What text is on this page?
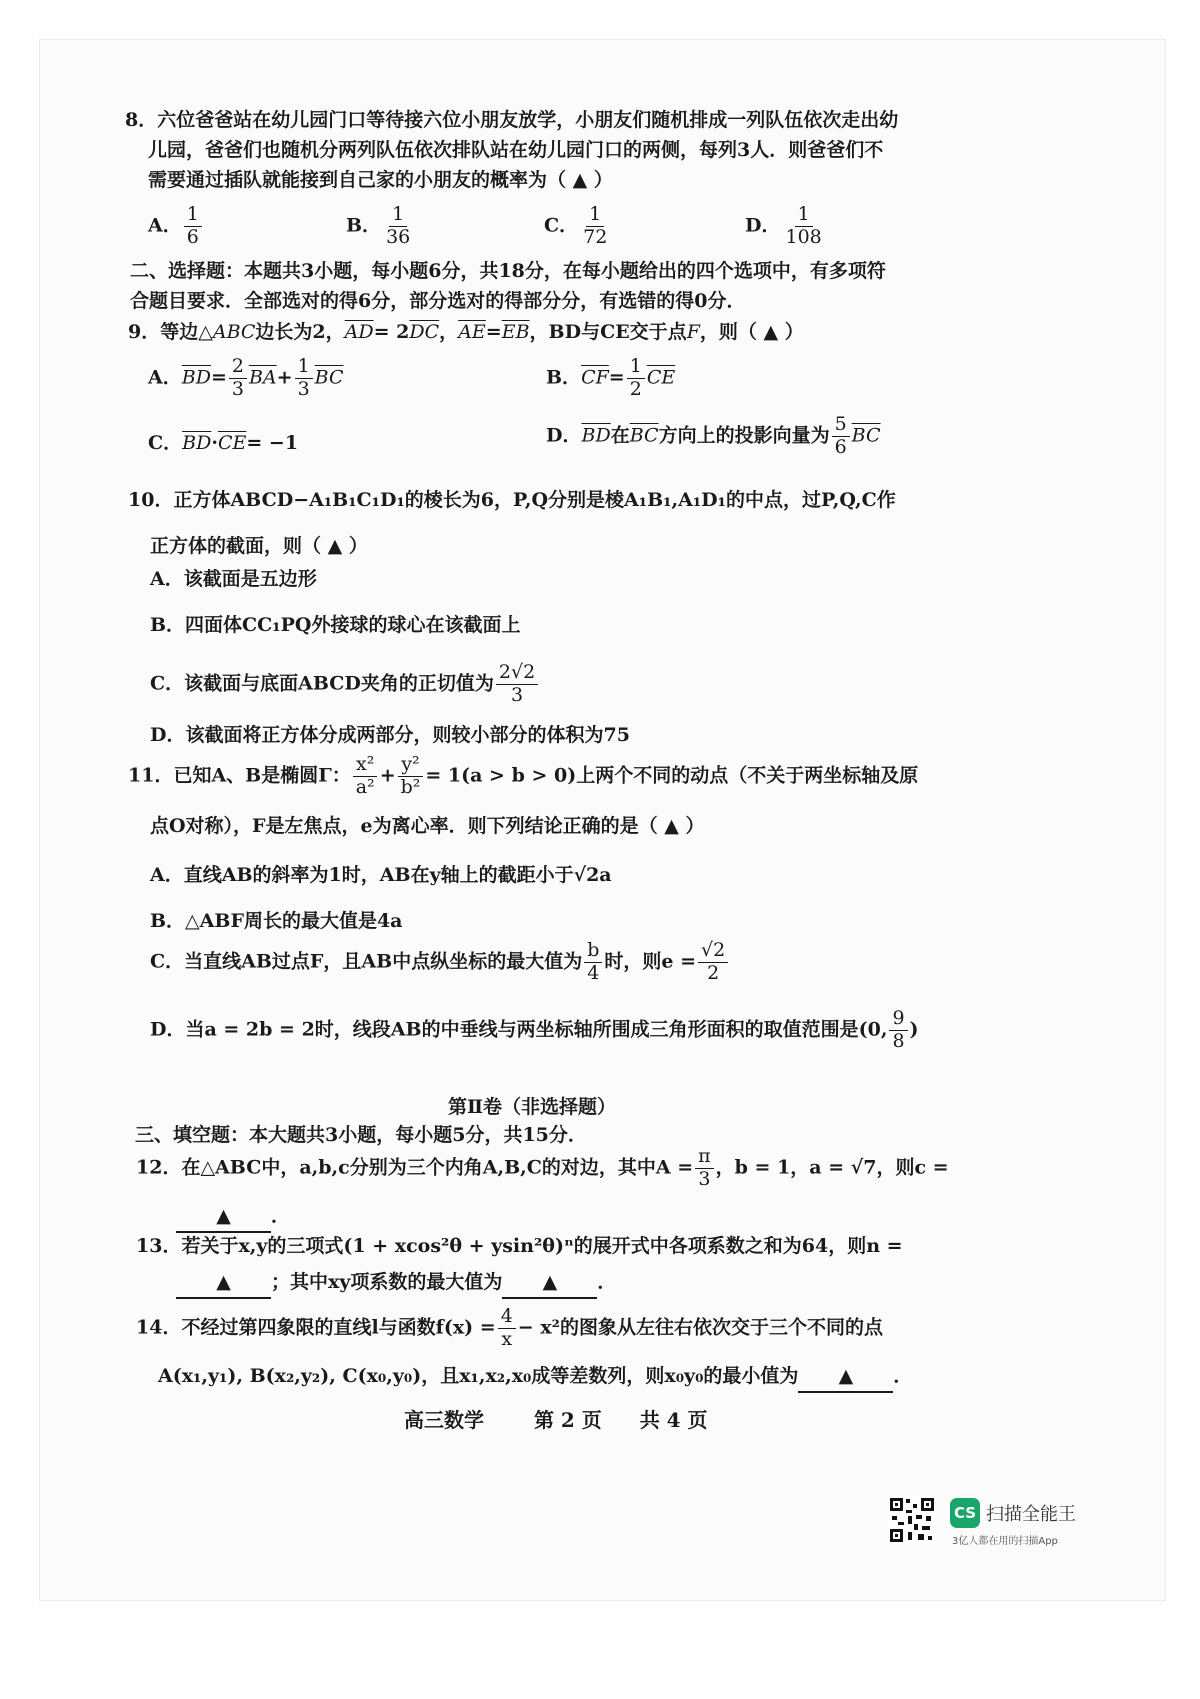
8．六位爸爸站在幼儿园门口等待接六位小朋友放学，小朋友们随机排成一列队伍依次走出幼
儿园，爸爸们也随机分两列队伍依次排队站在幼儿园门口的两侧，每列3人．则爸爸们不
需要通过插队就能接到自己家的小朋友的概率为（ ▲ ）
A． $\frac{1}{6}$	B． $\frac{1}{36}$	C． $\frac{1}{72}$	D． $\frac{1}{108}$
二、选择题：本题共3小题，每小题6分，共18分，在每小题给出的四个选项中，有多项符
合题目要求．全部选对的得6分，部分选对的得部分分，有选错的得0分．
9．等边△ABC边长为2，$\overline{AD}= 2\overline{DC}$，$\overline{AE}=\overline{EB}$，BD与CE交于点F，则（ ▲ ）
A．$\overline{BD}= \frac{2}{3} \overline{BA}+ \frac{1}{3} \overline{BC}$	B．$\overline{CF}= \frac{1}{2} \overline{CE}$
C．$\overline{BD}\cdot\overline{CE}= -1$	D．$\overline{BD}$在$\overline{BC}$方向上的投影向量为 $\frac{5}{6} \overline{BC}$
10．正方体ABCD−A₁B₁C₁D₁的棱长为6，P,Q分别是棱A₁B₁,A₁D₁的中点，过P,Q,C作
正方体的截面，则（ ▲ ）
A．该截面是五边形
B．四面体CC₁PQ外接球的球心在该截面上
C．该截面与底面ABCD夹角的正切值为 $\frac{2√2}{3}$
D．该截面将正方体分成两部分，则较小部分的体积为75
11．已知A、B是椭圆Γ： $\frac{\text{x²}}{\text{a²}} + \frac{\text{y²}}{\text{b²}} = 1(a > b > 0)$上两个不同的动点（不关于两坐标轴及原
点O对称），F是左焦点，e为离心率．则下列结论正确的是（ ▲ ）
A．直线AB的斜率为1时，AB在y轴上的截距小于√2a
B．△ABF周长的最大值是4a
C．当直线AB过点F，且AB中点纵坐标的最大值为 $\frac{b}{4}$ 时，则$e = \frac{√2}{2}$
D．当a = 2b = 2时，线段AB的中垂线与两坐标轴所围成三角形面积的取值范围是(0, $\frac{9}{8}$ )
第Ⅱ卷（非选择题）
三、填空题：本大题共3小题，每小题5分，共15分．
12．在△ABC中，a,b,c分别为三个内角A,B,C的对边，其中$A = \frac{\pi}{3}$ ，b = 1，a = √7，则c =
▲ ．
13．若关于x,y的三项式(1 + xcos²θ + ysin²θ)ⁿ的展开式中各项系数之和为64，则n =
▲ ；其中xy项系数的最大值为 ▲ ．
14．不经过第四象限的直线l与函数$f(x) = \frac{4}{x} - x^2$的图象从左往右依次交于三个不同的点
A(x₁,y₁), B(x₂,y₂), C(x₀,y₀)，且x₁,x₂,x₀成等差数列，则x₀y₀的最小值为 ▲ ．
高三数学 第 2 页 共 4 页
CS 扫描全能王
3亿人都在用的扫描App
